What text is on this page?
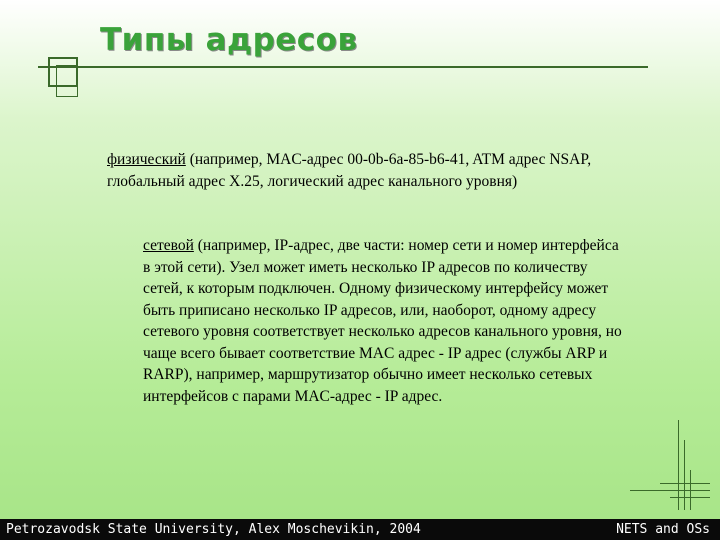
Типы адресов
физический (например, MAC-адрес 00-0b-6a-85-b6-41, ATM адрес NSAP, глобальный адрес X.25, логический адрес канального уровня)
сетевой (например, IP-адрес, две части: номер сети и номер интерфейса в этой сети). Узел может иметь несколько IP адресов по количеству сетей, к которым подключен. Одному физическому интерфейсу может быть приписано несколько IP адресов, или, наоборот, одному адресу сетевого уровня соответствует несколько адресов канального уровня, но чаще всего бывает соответствие MAC адрес - IP адрес (службы ARP и RARP), например, маршрутизатор обычно имеет несколько сетевых интерфейсов с парами MAC-адрес - IP адрес.
Petrozavodsk State University, Alex Moschevikin, 2004	NETS and OSs
